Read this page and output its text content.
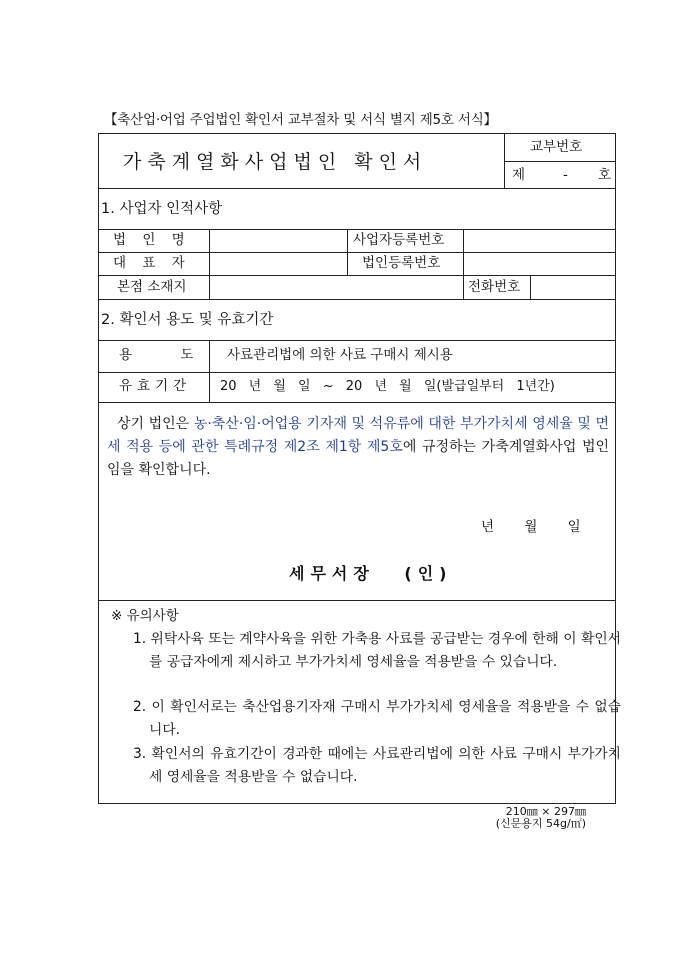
【축산업·어업 주업법인 확인서 교부절차 및 서식 별지 제5호 서식】
가축계열화사업법인 확인서
교부번호
제	- 호
1. 사업자 인적사항
법 인 명	사업자등록번호
대 표 자	법인등록번호
본점 소재지	전화번호
2. 확인서 용도 및 유효기간
용 도 사료관리법에 의한 사료 구매시 제시용
유효기간 20 년 월 일 ~ 20 년 월 일(발급일부터 1년간)
상기 법인은 농·축산·임·어업용 기자재 및 석유류에 대한 부가가치세 영세율 및 면세 적용 등에 관한 특례규정 제2조 제1항 제5호에 규정하는 가축계열화사업 법인임을 확인합니다.
년 월 일
세무서장 (인)
※ 유의사항
1. 위탁사육 또는 계약사육을 위한 가축용 사료를 공급받는 경우에 한해 이 확인서를 공급자에게 제시하고 부가가치세 영세율을 적용받을 수 있습니다.
2. 이 확인서로는 축산업용기자재 구매시 부가가치세 영세율을 적용받을 수 없습니다.
3. 확인서의 유효기간이 경과한 때에는 사료관리법에 의한 사료 구매시 부가가치세 영세율을 적용받을 수 없습니다.
210㎜ × 297㎜
(신문용지 54g/㎡)
